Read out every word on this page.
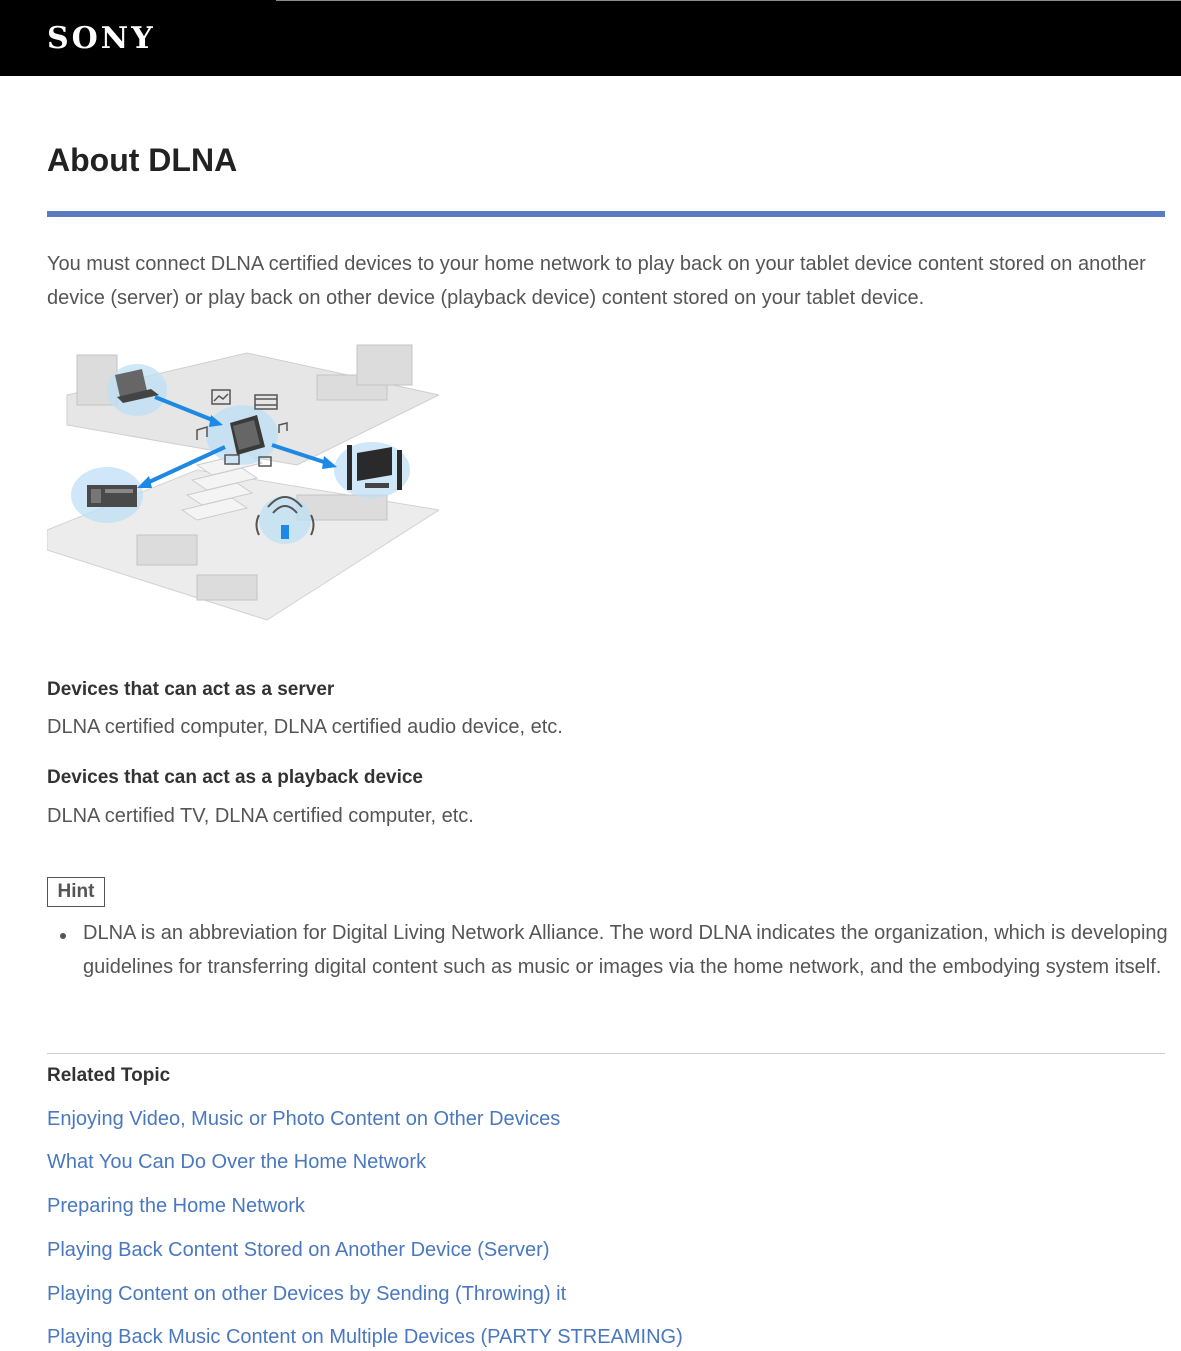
SONY
About DLNA

You must connect DLNA certified devices to your home network to play back on your tablet device content stored on another device (server) or play back on other device (playback device) content stored on your tablet device.

Devices that can act as a server

DLNA certified computer, DLNA certified audio device, etc.

Devices that can act as a playback device

DLNA certified TV, DLNA certified computer, etc.

Hint

DLNA is an abbreviation for Digital Living Network Alliance. The word DLNA indicates the organization, which is developing guidelines for transferring digital content such as music or images via the home network, and the embodying system itself.

Related Topic
Enjoying Video, Music or Photo Content on Other Devices
What You Can Do Over the Home Network
Preparing the Home Network
Playing Back Content Stored on Another Device (Server)
Playing Content on other Devices by Sending (Throwing) it
Playing Back Music Content on Multiple Devices (PARTY STREAMING)
